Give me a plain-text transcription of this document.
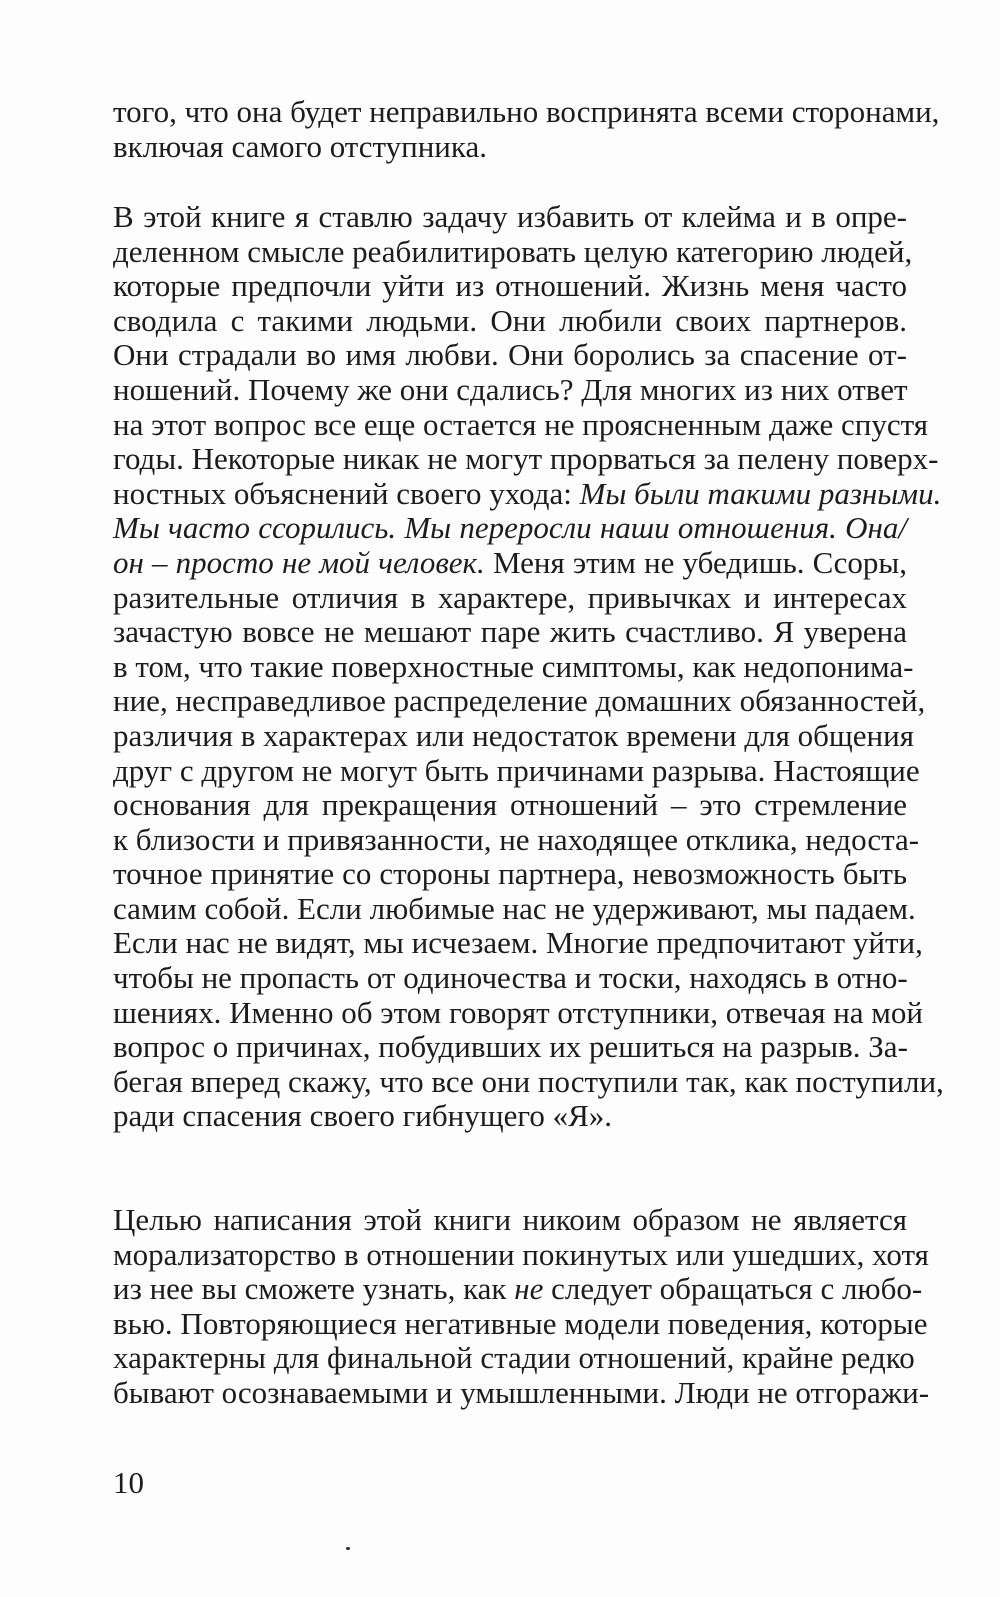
того, что она будет неправильно воспринята всеми сторонами,
включая самого отступника.
В этой книге я ставлю задачу избавить от клейма и в опре-
деленном смысле реабилитировать целую категорию людей,
которые предпочли уйти из отношений. Жизнь меня часто
сводила с такими людьми. Они любили своих партнеров.
Они страдали во имя любви. Они боролись за спасение от-
ношений. Почему же они сдались? Для многих из них ответ
на этот вопрос все еще остается не проясненным даже спустя
годы. Некоторые никак не могут прорваться за пелену поверх-
ностных объяснений своего ухода: Мы были такими разными.
Мы часто ссорились. Мы переросли наши отношения. Она/
он – просто не мой человек. Меня этим не убедишь. Ссоры,
разительные отличия в характере, привычках и интересах
зачастую вовсе не мешают паре жить счастливо. Я уверена
в том, что такие поверхностные симптомы, как недопонима-
ние, несправедливое распределение домашних обязанностей,
различия в характерах или недостаток времени для общения
друг с другом не могут быть причинами разрыва. Настоящие
основания для прекращения отношений – это стремление
к близости и привязанности, не находящее отклика, недоста-
точное принятие со стороны партнера, невозможность быть
самим собой. Если любимые нас не удерживают, мы падаем.
Если нас не видят, мы исчезаем. Многие предпочитают уйти,
чтобы не пропасть от одиночества и тоски, находясь в отно-
шениях. Именно об этом говорят отступники, отвечая на мой
вопрос о причинах, побудивших их решиться на разрыв. За-
бегая вперед скажу, что все они поступили так, как поступили,
ради спасения своего гибнущего «Я».
Целью написания этой книги никоим образом не является
морализаторство в отношении покинутых или ушедших, хотя
из нее вы сможете узнать, как не следует обращаться с любо-
вью. Повторяющиеся негативные модели поведения, которые
характерны для финальной стадии отношений, крайне редко
бывают осознаваемыми и умышленными. Люди не отгоражи-
10
